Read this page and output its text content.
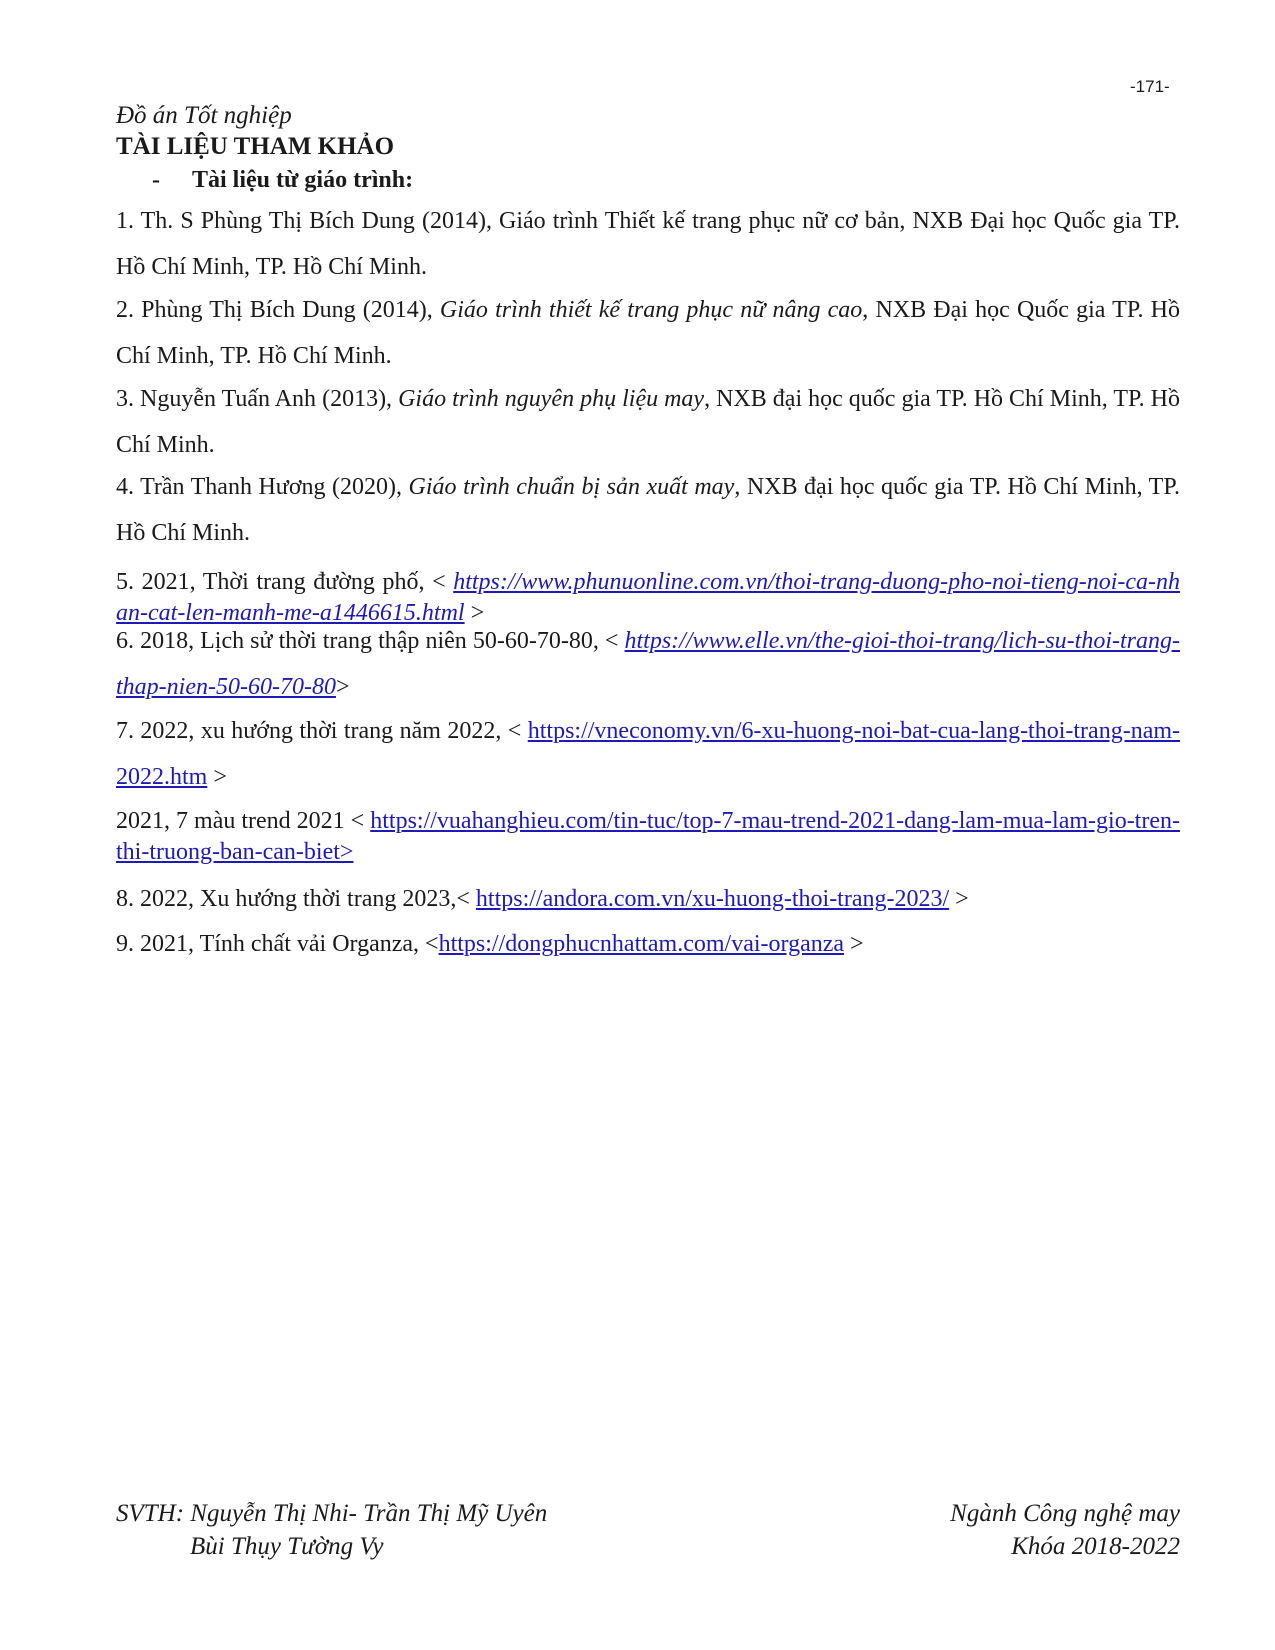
-171-
Đồ án Tốt nghiệp
TÀI LIỆU THAM KHẢO
- Tài liệu từ giáo trình:
1. Th. S Phùng Thị Bích Dung (2014), Giáo trình Thiết kế trang phục nữ cơ bản, NXB Đại học Quốc gia TP. Hồ Chí Minh, TP. Hồ Chí Minh.
2. Phùng Thị Bích Dung (2014), Giáo trình thiết kế trang phục nữ nâng cao, NXB Đại học Quốc gia TP. Hồ Chí Minh, TP. Hồ Chí Minh.
3. Nguyễn Tuấn Anh (2013), Giáo trình nguyên phụ liệu may, NXB đại học quốc gia TP. Hồ Chí Minh, TP. Hồ Chí Minh.
4. Trần Thanh Hương (2020), Giáo trình chuẩn bị sản xuất may, NXB đại học quốc gia TP. Hồ Chí Minh, TP. Hồ Chí Minh.
5. 2021, Thời trang đường phố, < https://www.phunuonline.com.vn/thoi-trang-duong-pho-noi-tieng-noi-ca-nhan-cat-len-manh-me-a1446615.html >
6. 2018, Lịch sử thời trang thập niên 50-60-70-80, < https://www.elle.vn/the-gioi-thoi-trang/lich-su-thoi-trang-thap-nien-50-60-70-80>
7. 2022, xu hướng thời trang năm 2022, < https://vneconomy.vn/6-xu-huong-noi-bat-cua-lang-thoi-trang-nam-2022.htm >
2021, 7 màu trend 2021 < https://vuahanghieu.com/tin-tuc/top-7-mau-trend-2021-dang-lam-mua-lam-gio-tren-thi-truong-ban-can-biet>
8. 2022, Xu hướng thời trang 2023,< https://andora.com.vn/xu-huong-thoi-trang-2023/ >
9. 2021, Tính chất vải Organza, <https://dongphucnhattam.com/vai-organza >
SVTH: Nguyễn Thị Nhi- Trần Thị Mỹ Uyên
Bùi Thụy Tường Vy
Ngành Công nghệ may
Khóa 2018-2022
